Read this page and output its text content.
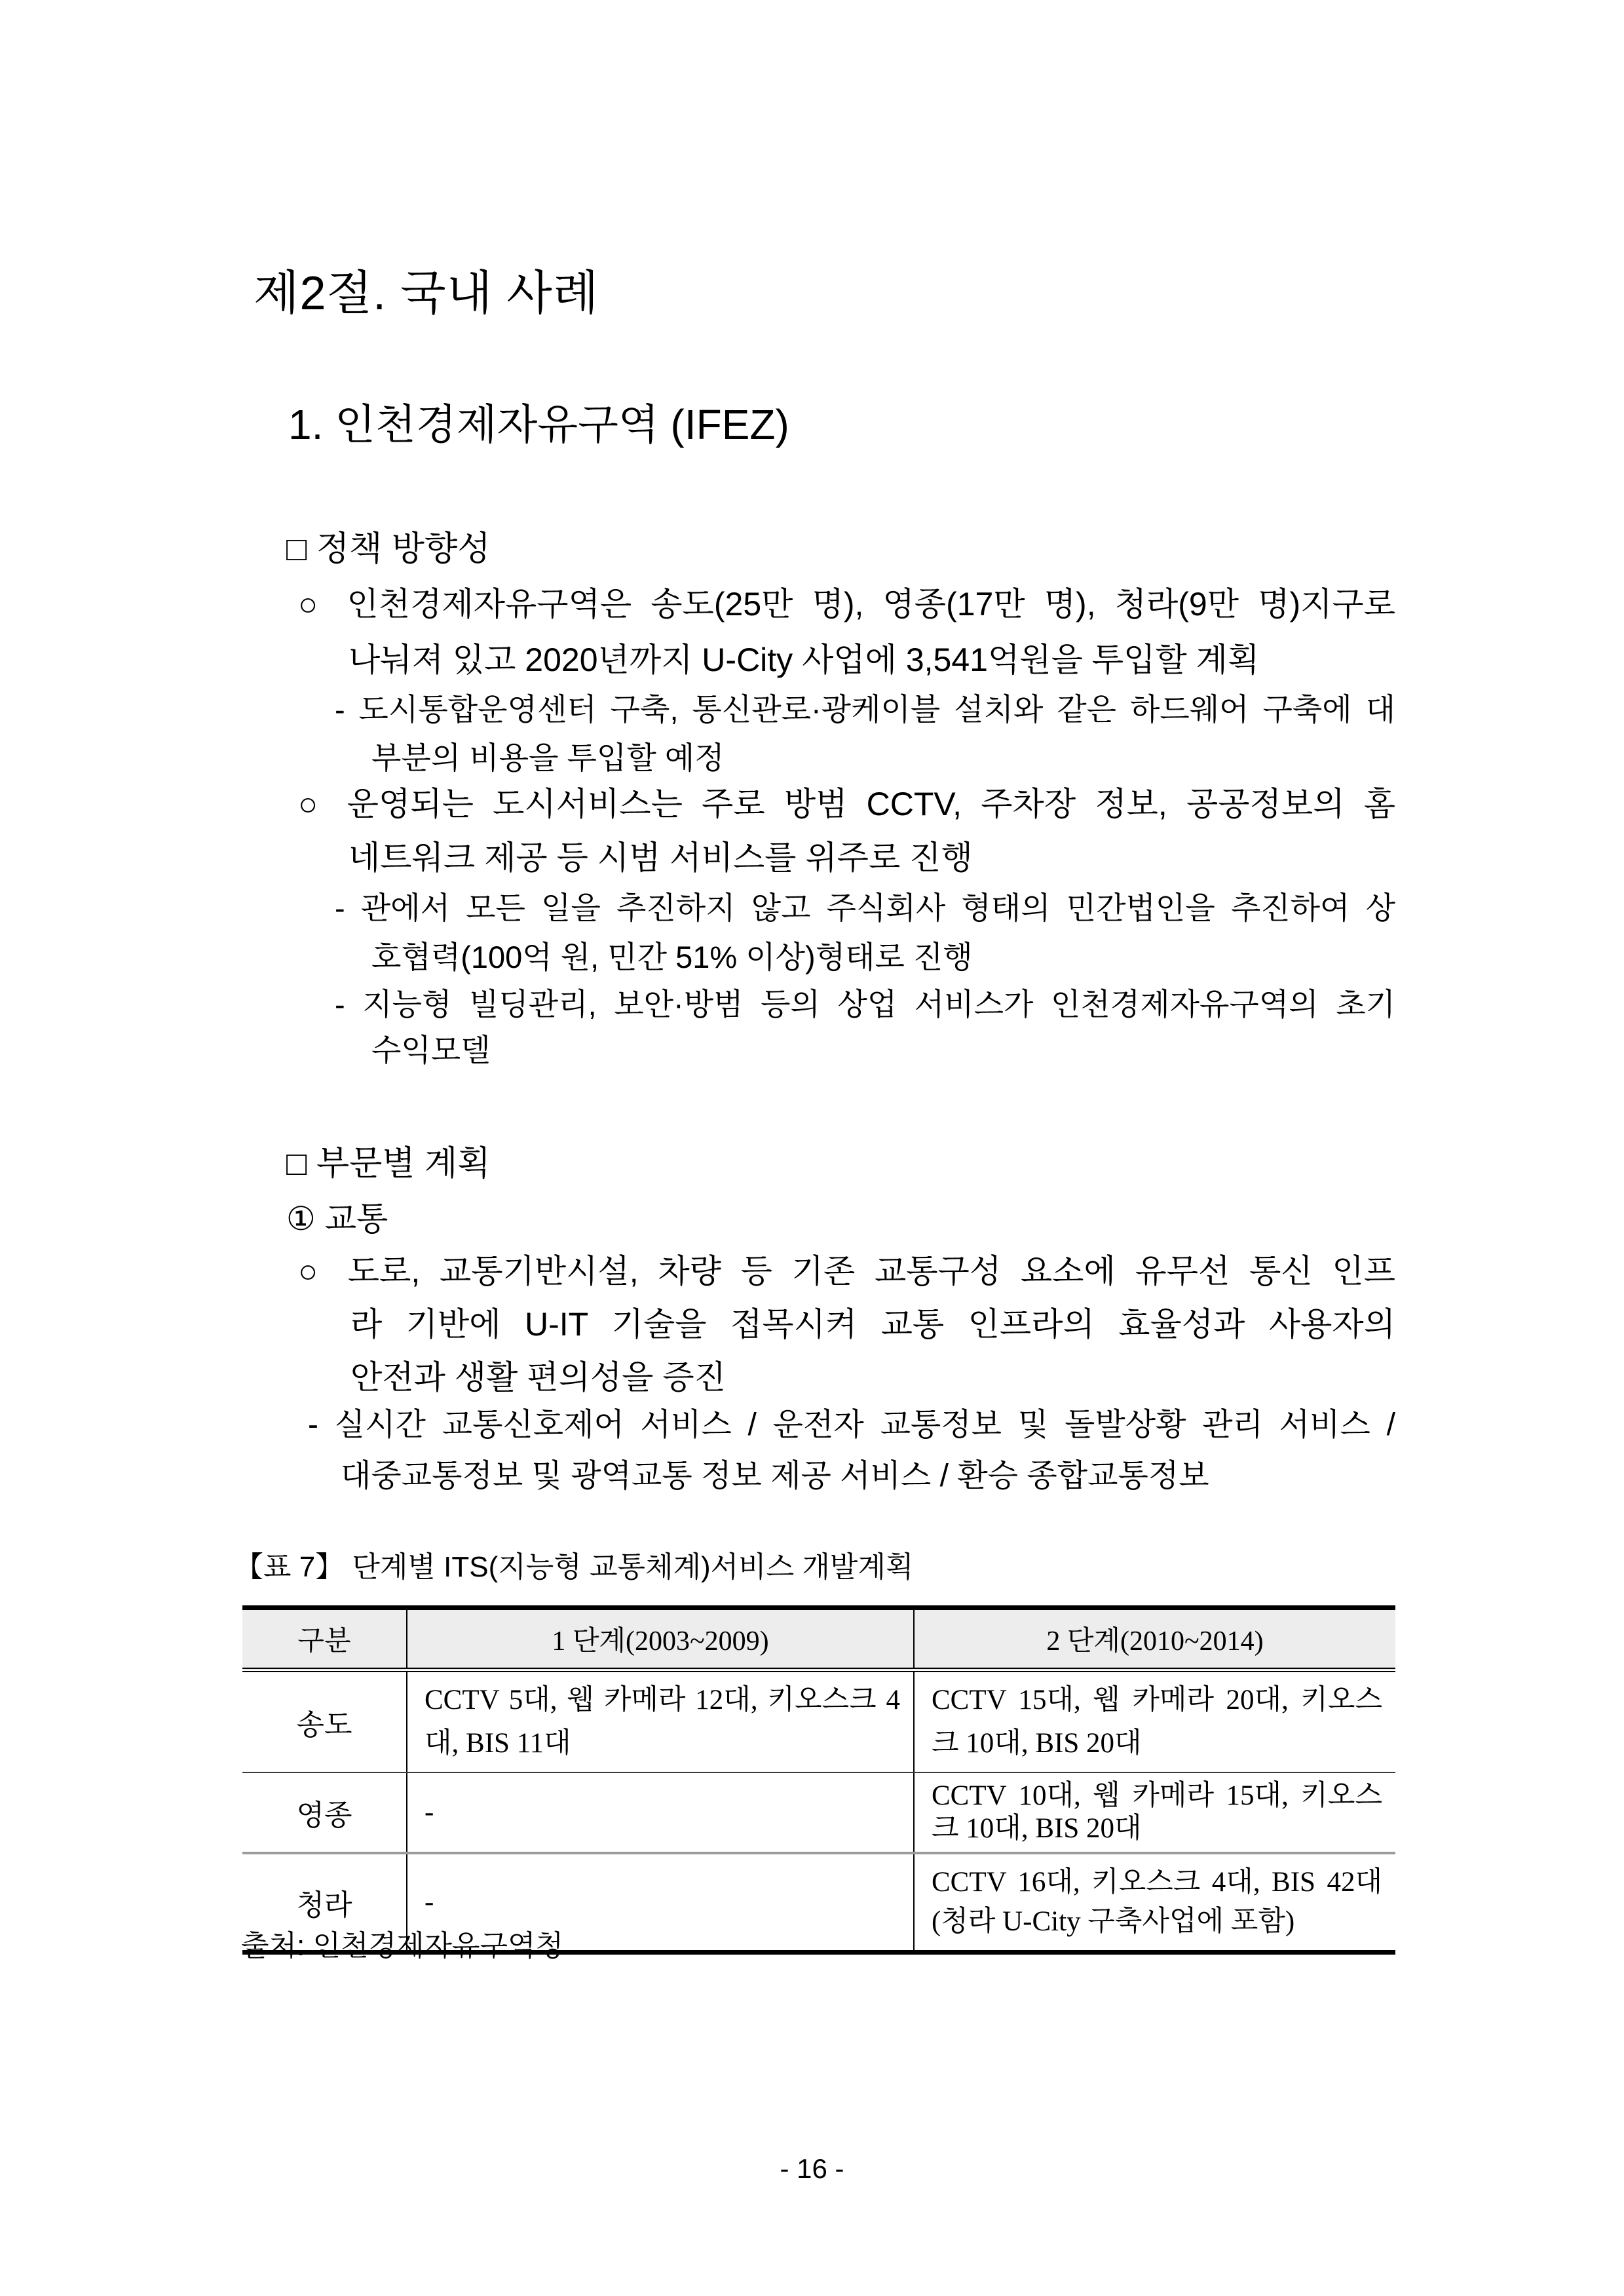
제2절. 국내 사례
1. 인천경제자유구역 (IFEZ)
□ 정책 방향성
○ 인천경제자유구역은 송도(25만 명), 영종(17만 명), 청라(9만 명)지구로
나눠져 있고 2020년까지 U-City 사업에 3,541억원을 투입할 계획
- 도시통합운영센터 구축, 통신관로·광케이블 설치와 같은 하드웨어 구축에 대
부분의 비용을 투입할 예정
○ 운영되는 도시서비스는 주로 방범 CCTV, 주차장 정보, 공공정보의 홈
네트워크 제공 등 시범 서비스를 위주로 진행
- 관에서 모든 일을 추진하지 않고 주식회사 형태의 민간법인을 추진하여 상
호협력(100억 원, 민간 51% 이상)형태로 진행
- 지능형 빌딩관리, 보안·방범 등의 상업 서비스가 인천경제자유구역의 초기
수익모델
□ 부문별 계획
① 교통
○ 도로, 교통기반시설, 차량 등 기존 교통구성 요소에 유무선 통신 인프
라 기반에 U-IT 기술을 접목시켜 교통 인프라의 효율성과 사용자의
안전과 생활 편의성을 증진
- 실시간 교통신호제어 서비스 / 운전자 교통정보 및 돌발상황 관리 서비스 /
대중교통정보 및 광역교통 정보 제공 서비스 / 환승 종합교통정보
【표 7】 단계별 ITS(지능형 교통체계)서비스 개발계획
구분	1 단계(2003~2009)	2 단계(2010~2014)
송도	CCTV 5대, 웹 카메라 12대, 키오스크 4대, BIS 11대	CCTV 15대, 웹 카메라 20대, 키오스크 10대, BIS 20대
영종	-	CCTV 10대, 웹 카메라 15대, 키오스크 10대, BIS 20대
청라	-	CCTV 16대, 키오스크 4대, BIS 42대(청라 U-City 구축사업에 포함)
출처: 인천경제자유구역청
- 16 -
